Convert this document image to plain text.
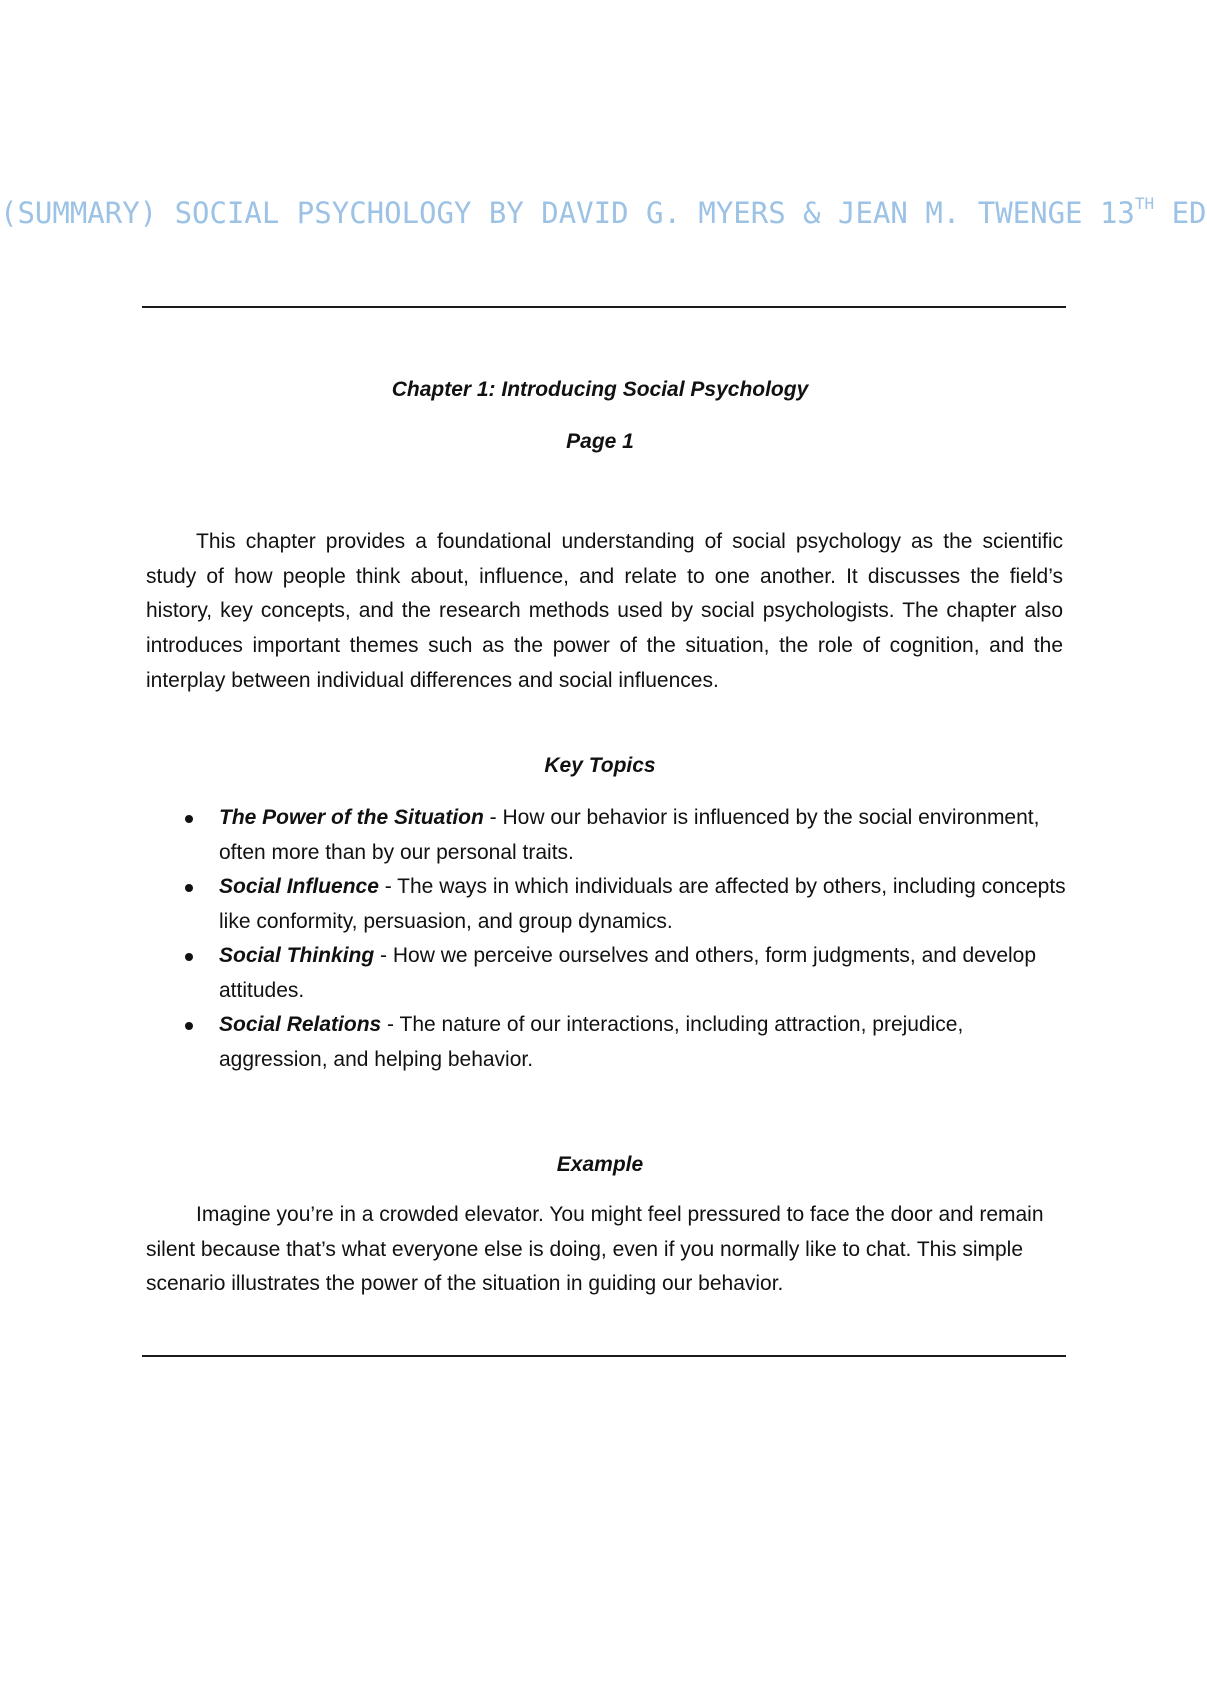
(SUMMARY) SOCIAL PSYCHOLOGY BY DAVID G. MYERS & JEAN M. TWENGE 13TH ED
Chapter 1: Introducing Social Psychology
Page 1
This chapter provides a foundational understanding of social psychology as the scientific study of how people think about, influence, and relate to one another. It discusses the field’s history, key concepts, and the research methods used by social psychologists. The chapter also introduces important themes such as the power of the situation, the role of cognition, and the interplay between individual differences and social influences.
Key Topics
The Power of the Situation - How our behavior is influenced by the social environment, often more than by our personal traits.
Social Influence - The ways in which individuals are affected by others, including concepts like conformity, persuasion, and group dynamics.
Social Thinking - How we perceive ourselves and others, form judgments, and develop attitudes.
Social Relations - The nature of our interactions, including attraction, prejudice, aggression, and helping behavior.
Example
Imagine you’re in a crowded elevator. You might feel pressured to face the door and remain silent because that’s what everyone else is doing, even if you normally like to chat. This simple scenario illustrates the power of the situation in guiding our behavior.
